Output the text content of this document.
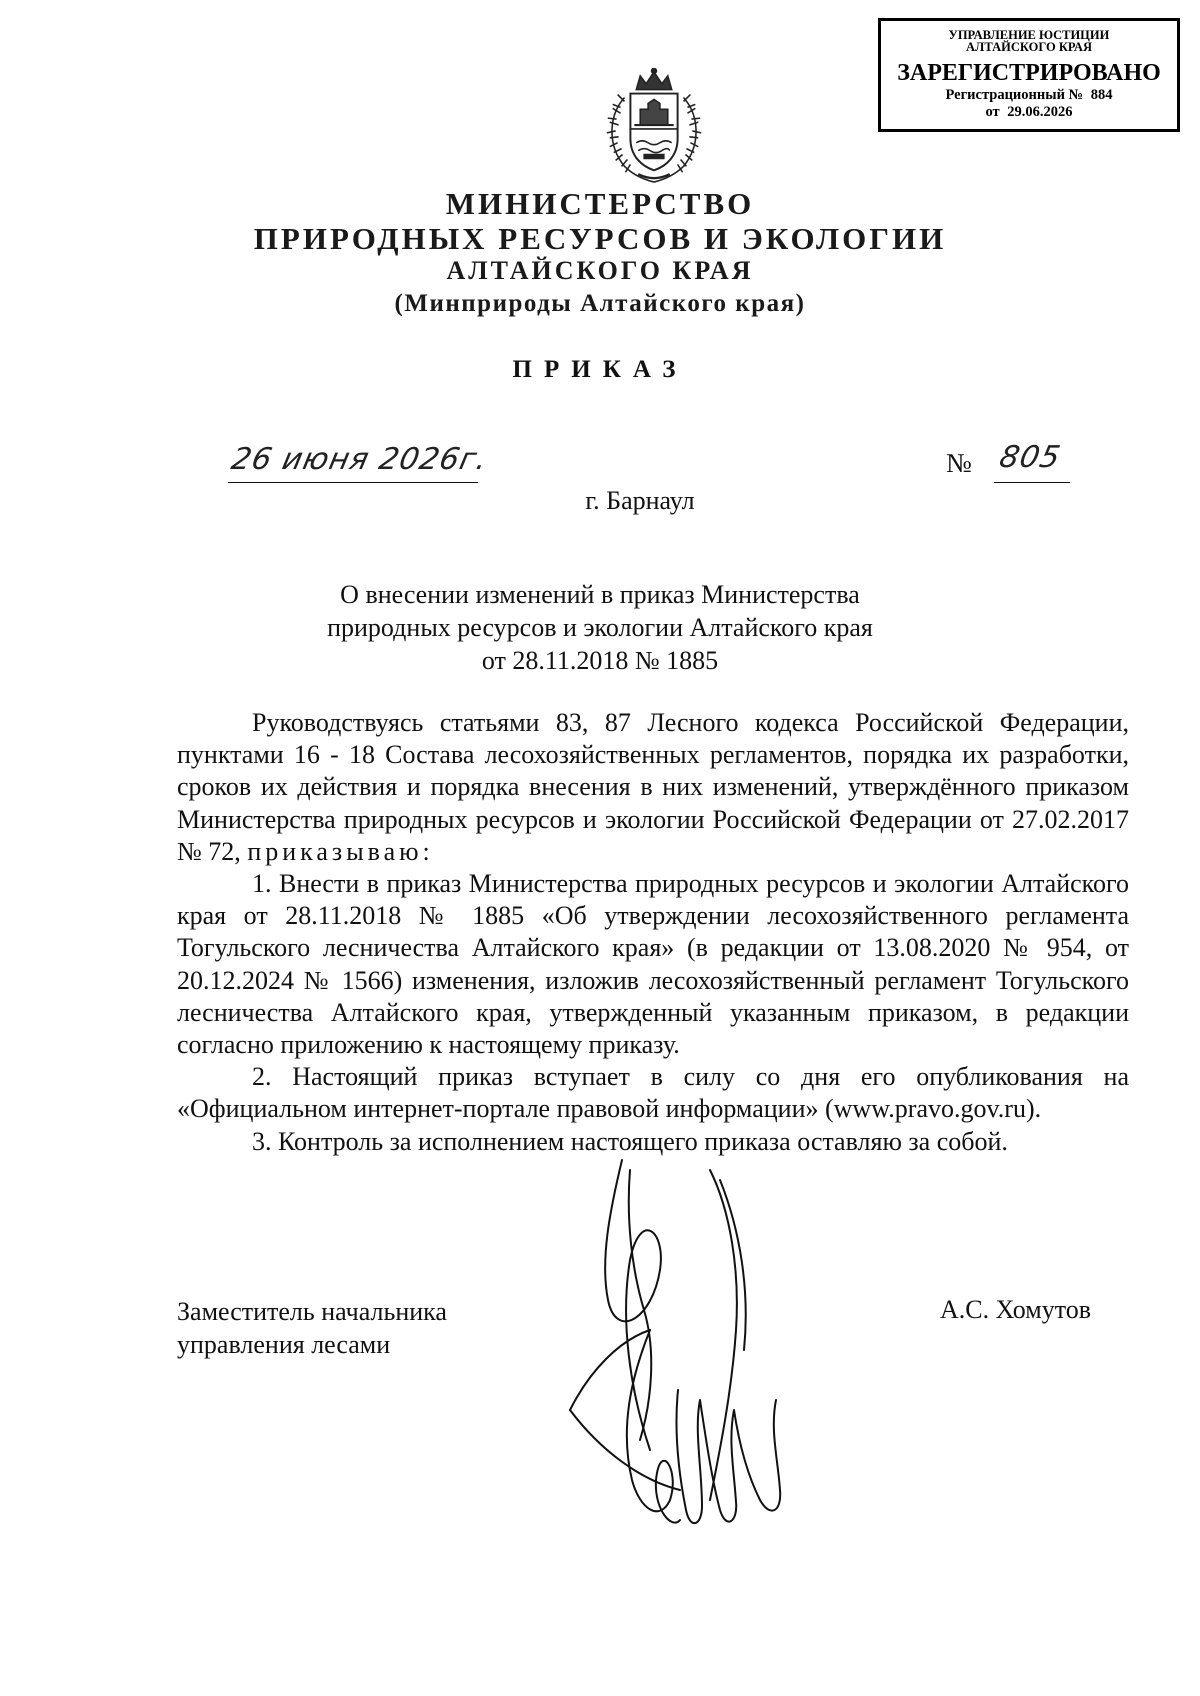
УПРАВЛЕНИЕ ЮСТИЦИИ
АЛТАЙСКОГО КРАЯ
ЗАРЕГИСТРИРОВАНО
Регистрационный № 884
от 29.06.2026
МИНИСТЕРСТВО
ПРИРОДНЫХ РЕСУРСОВ И ЭКОЛОГИИ
АЛТАЙСКОГО КРАЯ
(Минприроды Алтайского края)
ПРИКАЗ
26 июня 2026г.	№ 805
г. Барнаул
О внесении изменений в приказ Министерства
природных ресурсов и экологии Алтайского края
от 28.11.2018 № 1885

Руководствуясь статьями 83, 87 Лесного кодекса Российской Федерации, пунктами 16 - 18 Состава лесохозяйственных регламентов, порядка их разработки, сроков их действия и порядка внесения в них изменений, утверждённого приказом Министерства природных ресурсов и экологии Российской Федерации от 27.02.2017 № 72, приказываю:

1. Внести в приказ Министерства природных ресурсов и экологии Алтайского края от 28.11.2018 № 1885 «Об утверждении лесохозяйственного регламента Тогульского лесничества Алтайского края» (в редакции от 13.08.2020 № 954, от 20.12.2024 № 1566) изменения, изложив лесохозяйственный регламент Тогульского лесничества Алтайского края, утвержденный указанным приказом, в редакции согласно приложению к настоящему приказу.

2. Настоящий приказ вступает в силу со дня его опубликования на «Официальном интернет-портале правовой информации» (www.pravo.gov.ru).

3. Контроль за исполнением настоящего приказа оставляю за собой.

Заместитель начальника
управления лесами
А.С. Хомутов
